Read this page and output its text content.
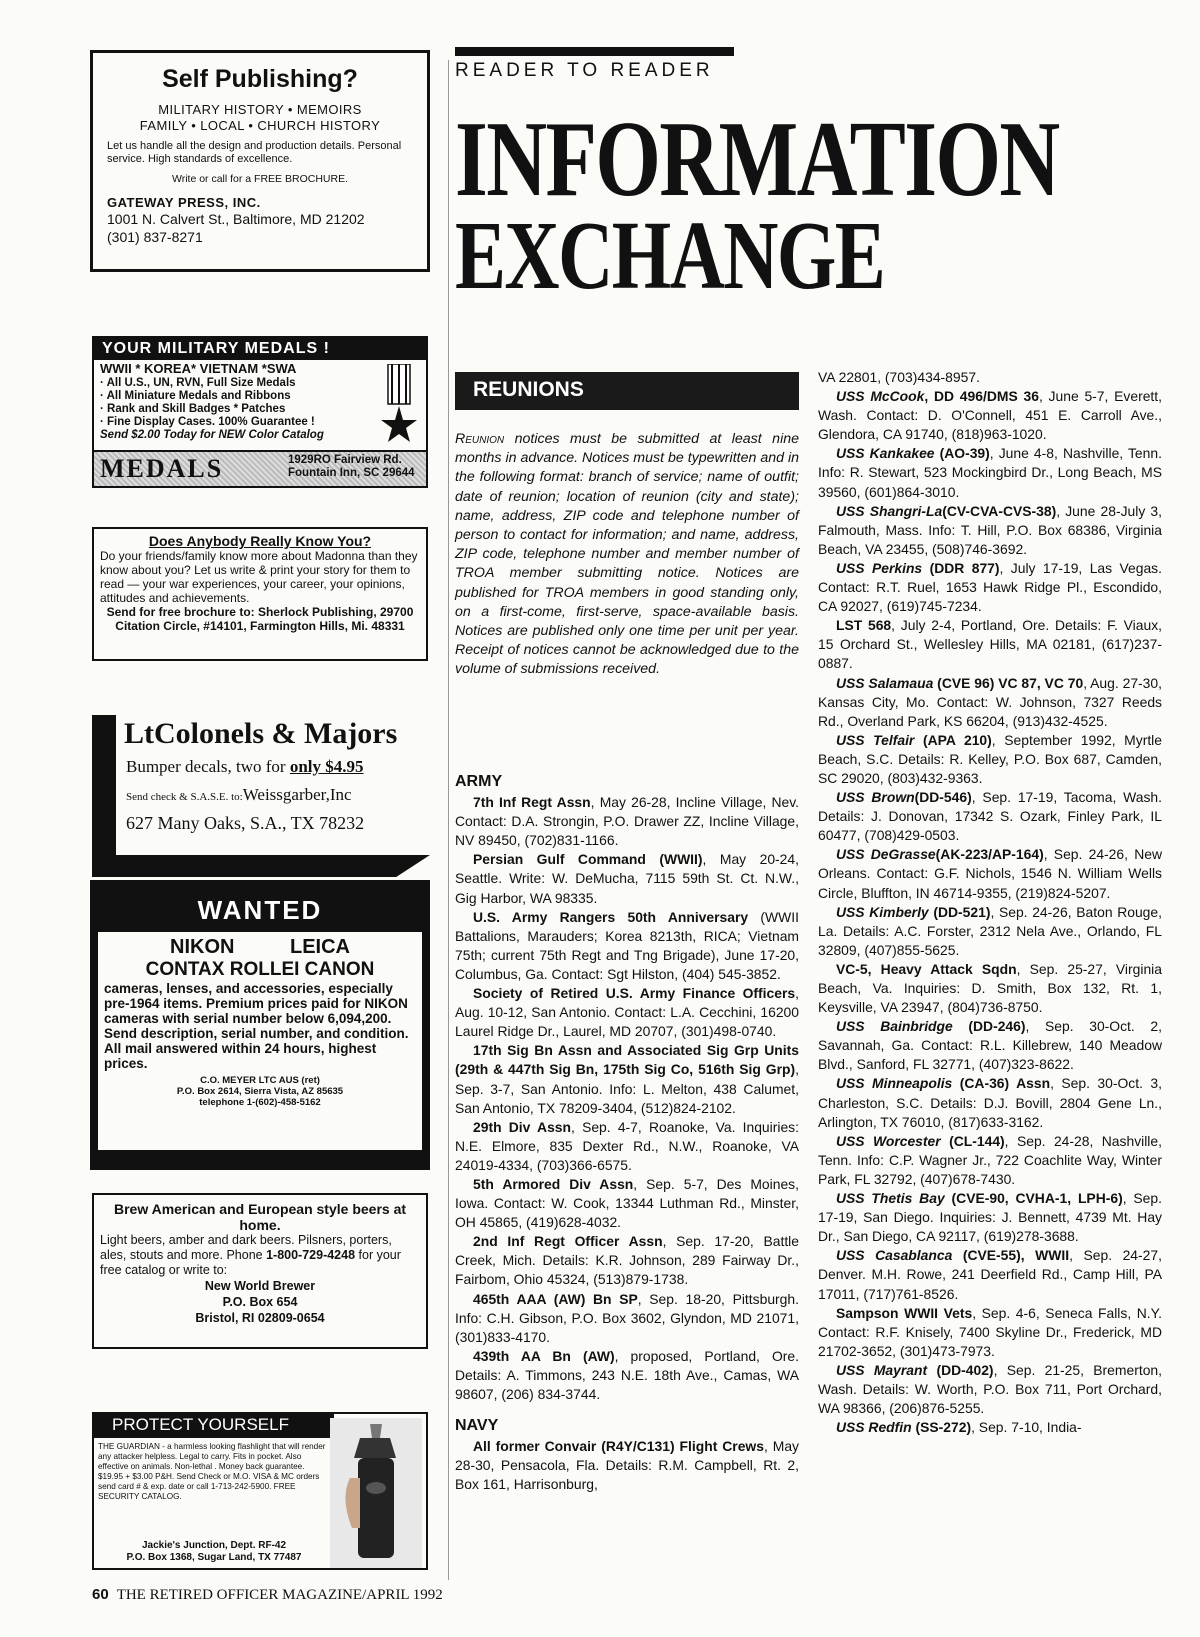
Self Publishing?
MILITARY HISTORY • MEMOIRS
FAMILY • LOCAL • CHURCH HISTORY
Let us handle all the design and production details. Personal service. High standards of excellence.
Write or call for a FREE BROCHURE.
GATEWAY PRESS, INC.
1001 N. Calvert St., Baltimore, MD 21202
(301) 837-8271
YOUR MILITARY MEDALS !
WWII * KOREA* VIETNAM *SWA
· All U.S., UN, RVN, Full Size Medals
· All Miniature Medals and Ribbons
· Rank and Skill Badges * Patches
· Fine Display Cases. 100% Guarantee !
Send $2.00 Today for NEW Color Catalog
MEDALS	1929RO Fairview Rd.
Fountain Inn, SC 29644
Does Anybody Really Know You?
Do your friends/family know more about Madonna than they know about you? Let us write & print your story for them to read — your war experiences, your career, your opinions, attitudes and achievements.
Send for free brochure to: Sherlock Publishing, 29700 Citation Circle, #14101, Farmington Hills, Mi. 48331
LtColonels & Majors
Bumper decals, two for only $4.95
Send check & S.A.S.E. to:Weissgarber,Inc
627 Many Oaks, S.A., TX 78232
WANTED
NIKON LEICA
CONTAX ROLLEI CANON
cameras, lenses, and accessories, especially pre-1964 items. Premium prices paid for NIKON cameras with serial number below 6,094,200. Send description, serial number, and condition. All mail answered within 24 hours, highest prices.
C.O. MEYER LTC AUS (ret)
P.O. Box 2614, Sierra Vista, AZ 85635
telephone 1-(602)-458-5162
Brew American and European style beers at home.
Light beers, amber and dark beers. Pilsners, porters, ales, stouts and more. Phone 1-800-729-4248 for your free catalog or write to:
New World Brewer
P.O. Box 654
Bristol, RI 02809-0654
PROTECT YOURSELF
THE GUARDIAN - a harmless looking flashlight that will render any attacker helpless. Legal to carry. Fits in pocket. Also effective on animals. Non-lethal . Money back guarantee. $19.95 + $3.00 P&H. Send Check or M.O. VISA & MC orders send card # & exp. date or call 1-713-242-5900. FREE SECURITY CATALOG.
Jackie's Junction, Dept. RF-42
P.O. Box 1368, Sugar Land, TX 77487
60 THE RETIRED OFFICER MAGAZINE/APRIL 1992
READER TO READER
INFORMATION
EXCHANGE
REUNIONS
Reunion notices must be submitted at least nine months in advance. Notices must be typewritten and in the following format: branch of service; name of outfit; date of reunion; location of reunion (city and state); name, address, ZIP code and telephone number of person to contact for information; and name, address, ZIP code, telephone number and member number of TROA member submitting notice. Notices are published for TROA members in good standing only, on a first-come, first-serve, space-available basis. Notices are published only one time per unit per year. Receipt of notices cannot be acknowledged due to the volume of submissions received.
ARMY

7th Inf Regt Assn, May 26-28, Incline Village, Nev. Contact: D.A. Strongin, P.O. Drawer ZZ, Incline Village, NV 89450, (702)831-1166.

Persian Gulf Command (WWII), May 20-24, Seattle. Write: W. DeMucha, 7115 59th St. Ct. N.W., Gig Harbor, WA 98335.

U.S. Army Rangers 50th Anniversary (WWII Battalions, Marauders; Korea 8213th, RICA; Vietnam 75th; current 75th Regt and Tng Brigade), June 17-20, Columbus, Ga. Contact: Sgt Hilston, (404) 545-3852.

Society of Retired U.S. Army Finance Officers, Aug. 10-12, San Antonio. Contact: L.A. Cecchini, 16200 Laurel Ridge Dr., Laurel, MD 20707, (301)498-0740.

17th Sig Bn Assn and Associated Sig Grp Units (29th & 447th Sig Bn, 175th Sig Co, 516th Sig Grp), Sep. 3-7, San Antonio. Info: L. Melton, 438 Calumet, San Antonio, TX 78209-3404, (512)824-2102.

29th Div Assn, Sep. 4-7, Roanoke, Va. Inquiries: N.E. Elmore, 835 Dexter Rd., N.W., Roanoke, VA 24019-4334, (703)366-6575.

5th Armored Div Assn, Sep. 5-7, Des Moines, Iowa. Contact: W. Cook, 13344 Luthman Rd., Minster, OH 45865, (419)628-4032.

2nd Inf Regt Officer Assn, Sep. 17-20, Battle Creek, Mich. Details: K.R. Johnson, 289 Fairway Dr., Fairbom, Ohio 45324, (513)879-1738.

465th AAA (AW) Bn SP, Sep. 18-20, Pittsburgh. Info: C.H. Gibson, P.O. Box 3602, Glyndon, MD 21071, (301)833-4170.

439th AA Bn (AW), proposed, Portland, Ore. Details: A. Timmons, 243 N.E. 18th Ave., Camas, WA 98607, (206) 834-3744.

NAVY

All former Convair (R4Y/C131) Flight Crews, May 28-30, Pensacola, Fla. Details: R.M. Campbell, Rt. 2, Box 161, Harrisonburg,

VA 22801, (703)434-8957.

USS McCook, DD 496/DMS 36, June 5-7, Everett, Wash. Contact: D. O'Connell, 451 E. Carroll Ave., Glendora, CA 91740, (818)963-1020.

USS Kankakee (AO-39), June 4-8, Nashville, Tenn. Info: R. Stewart, 523 Mockingbird Dr., Long Beach, MS 39560, (601)864-3010.

USS Shangri-La(CV-CVA-CVS-38), June 28-July 3, Falmouth, Mass. Info: T. Hill, P.O. Box 68386, Virginia Beach, VA 23455, (508)746-3692.

USS Perkins (DDR 877), July 17-19, Las Vegas. Contact: R.T. Ruel, 1653 Hawk Ridge Pl., Escondido, CA 92027, (619)745-7234.

LST 568, July 2-4, Portland, Ore. Details: F. Viaux, 15 Orchard St., Wellesley Hills, MA 02181, (617)237-0887.

USS Salamaua (CVE 96) VC 87, VC 70, Aug. 27-30, Kansas City, Mo. Contact: W. Johnson, 7327 Reeds Rd., Overland Park, KS 66204, (913)432-4525.

USS Telfair (APA 210), September 1992, Myrtle Beach, S.C. Details: R. Kelley, P.O. Box 687, Camden, SC 29020, (803)432-9363.

USS Brown(DD-546), Sep. 17-19, Tacoma, Wash. Details: J. Donovan, 17342 S. Ozark, Finley Park, IL 60477, (708)429-0503.

USS DeGrasse(AK-223/AP-164), Sep. 24-26, New Orleans. Contact: G.F. Nichols, 1546 N. William Wells Circle, Bluffton, IN 46714-9355, (219)824-5207.

USS Kimberly (DD-521), Sep. 24-26, Baton Rouge, La. Details: A.C. Forster, 2312 Nela Ave., Orlando, FL 32809, (407)855-5625.

VC-5, Heavy Attack Sqdn, Sep. 25-27, Virginia Beach, Va. Inquiries: D. Smith, Box 132, Rt. 1, Keysville, VA 23947, (804)736-8750.

USS Bainbridge (DD-246), Sep. 30-Oct. 2, Savannah, Ga. Contact: R.L. Killebrew, 140 Meadow Blvd., Sanford, FL 32771, (407)323-8622.

USS Minneapolis (CA-36) Assn, Sep. 30-Oct. 3, Charleston, S.C. Details: D.J. Bovill, 2804 Gene Ln., Arlington, TX 76010, (817)633-3162.

USS Worcester (CL-144), Sep. 24-28, Nashville, Tenn. Info: C.P. Wagner Jr., 722 Coachlite Way, Winter Park, FL 32792, (407)678-7430.

USS Thetis Bay (CVE-90, CVHA-1, LPH-6), Sep. 17-19, San Diego. Inquiries: J. Bennett, 4739 Mt. Hay Dr., San Diego, CA 92117, (619)278-3688.

USS Casablanca (CVE-55), WWII, Sep. 24-27, Denver. M.H. Rowe, 241 Deerfield Rd., Camp Hill, PA 17011, (717)761-8526.

Sampson WWII Vets, Sep. 4-6, Seneca Falls, N.Y. Contact: R.F. Knisely, 7400 Skyline Dr., Frederick, MD 21702-3652, (301)473-7973.

USS Mayrant (DD-402), Sep. 21-25, Bremerton, Wash. Details: W. Worth, P.O. Box 711, Port Orchard, WA 98366, (206)876-5255.

USS Redfin (SS-272), Sep. 7-10, India-
